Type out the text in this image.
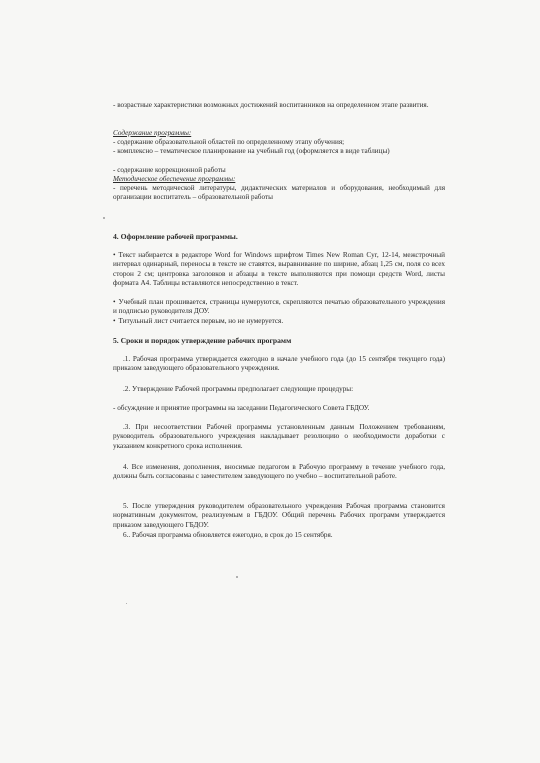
- возрастные характеристики возможных достижений воспитанников на определенном этапе развития.

Содержание программы:

- содержание образовательной областей по определенному этапу обучения;

- комплексно – тематическое планирование на учебный год (оформляется в виде таблицы)

- содержание коррекционной работы

Методическое обеспечение программы:

- перечень методической литературы, дидактических материалов и оборудования, необходимый для организации воспитатель – образовательной работы

4. Оформление рабочей программы.

• Текст набирается в редакторе Word for Windows шрифтом Times New Roman Cyr, 12-14, межстрочный интервал одинарный, переносы в тексте не ставятся, выравнивание по ширине, абзац 1,25 см, поля со всех сторон 2 см; центровка заголовков и абзацы в тексте выполняются при помощи средств Word, листы формата А4. Таблицы вставляются непосредственно в текст.

• Учебный план прошивается, страницы нумеруются, скрепляются печатью образовательного учреждения и подписью руководителя ДОУ.

• Титульный лист считается первым, но не нумеруется.

5. Сроки и порядок утверждение рабочих программ

.1. Рабочая программа утверждается ежегодно в начале учебного года (до 15 сентября текущего года) приказом заведующего образовательного учреждения.

.2. Утверждение Рабочей программы предполагает следующие процедуры:

- обсуждение и принятие программы на заседании Педагогического Совета ГБДОУ.

.3. При несоответствии Рабочей программы установленным данным Положением требованиям, руководитель образовательного учреждения накладывает резолюцию о необходимости доработки с указанием конкретного срока исполнения.

4. Все изменения, дополнения, вносимые педагогом в Рабочую программу в течение учебного года, должны быть согласованы с заместителем заведующего по учебно – воспитательной работе.

5. После утверждения руководителем образовательного учреждения Рабочая программа становится нормативным документом, реализуемым в ГБДОУ. Общий перечень Рабочих программ утверждается приказом заведующего ГБДОУ.

6.. Рабочая программа обновляется ежегодно, в срок до 15 сентября.
